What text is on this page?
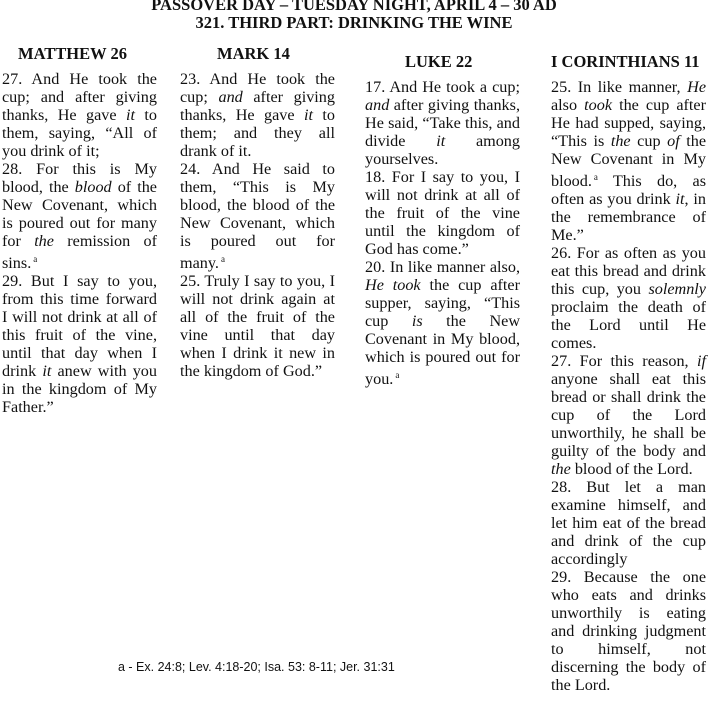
PASSOVER DAY – TUESDAY NIGHT, APRIL 4 – 30 AD
321. THIRD PART: DRINKING THE WINE
MATTHEW 26	MARK 14	LUKE 22	I CORINTHIANS 11

27. And He took the cup; and after giving thanks, He gave it to them, saying, “All of you drink of it;

28. For this is My blood, the blood of the New Covenant, which is poured out for many for the remission of sins. $^a$

29. But I say to you, from this time forward I will not drink at all of this fruit of the vine, until that day when I drink it anew with you in the kingdom of My Father.”

23. And He took the cup; and after giving thanks, He gave it to them; and they all drank of it.

24. And He said to them, “This is My blood, the blood of the New Covenant, which is poured out for many. $^a$

25. Truly I say to you, I will not drink again at all of the fruit of the vine until that day when I drink it new in the kingdom of God.”

17. And He took a cup; and after giving thanks, He said, “Take this, and divide it among yourselves.

18. For I say to you, I will not drink at all of the fruit of the vine until the kingdom of God has come.”

20. In like manner also, He took the cup after supper, saying, “This cup is the New Covenant in My blood, which is poured out for you. $^a$

25. In like manner, He also took the cup after He had supped, saying, “This is the cup of the New Covenant in My blood. $^a$ This do, as often as you drink it, in the remembrance of Me.”

26. For as often as you eat this bread and drink this cup, you solemnly proclaim the death of the Lord until He comes.

27. For this reason, if anyone shall eat this bread or shall drink the cup of the Lord unworthily, he shall be guilty of the body and the blood of the Lord.

28. But let a man examine himself, and let him eat of the bread and drink of the cup accordingly

29. Because the one who eats and drinks unworthily is eating and drinking judgment to himself, not discerning the body of the Lord.

a - Ex. 24:8; Lev. 4:18-20; Isa. 53: 8-11; Jer. 31:31
